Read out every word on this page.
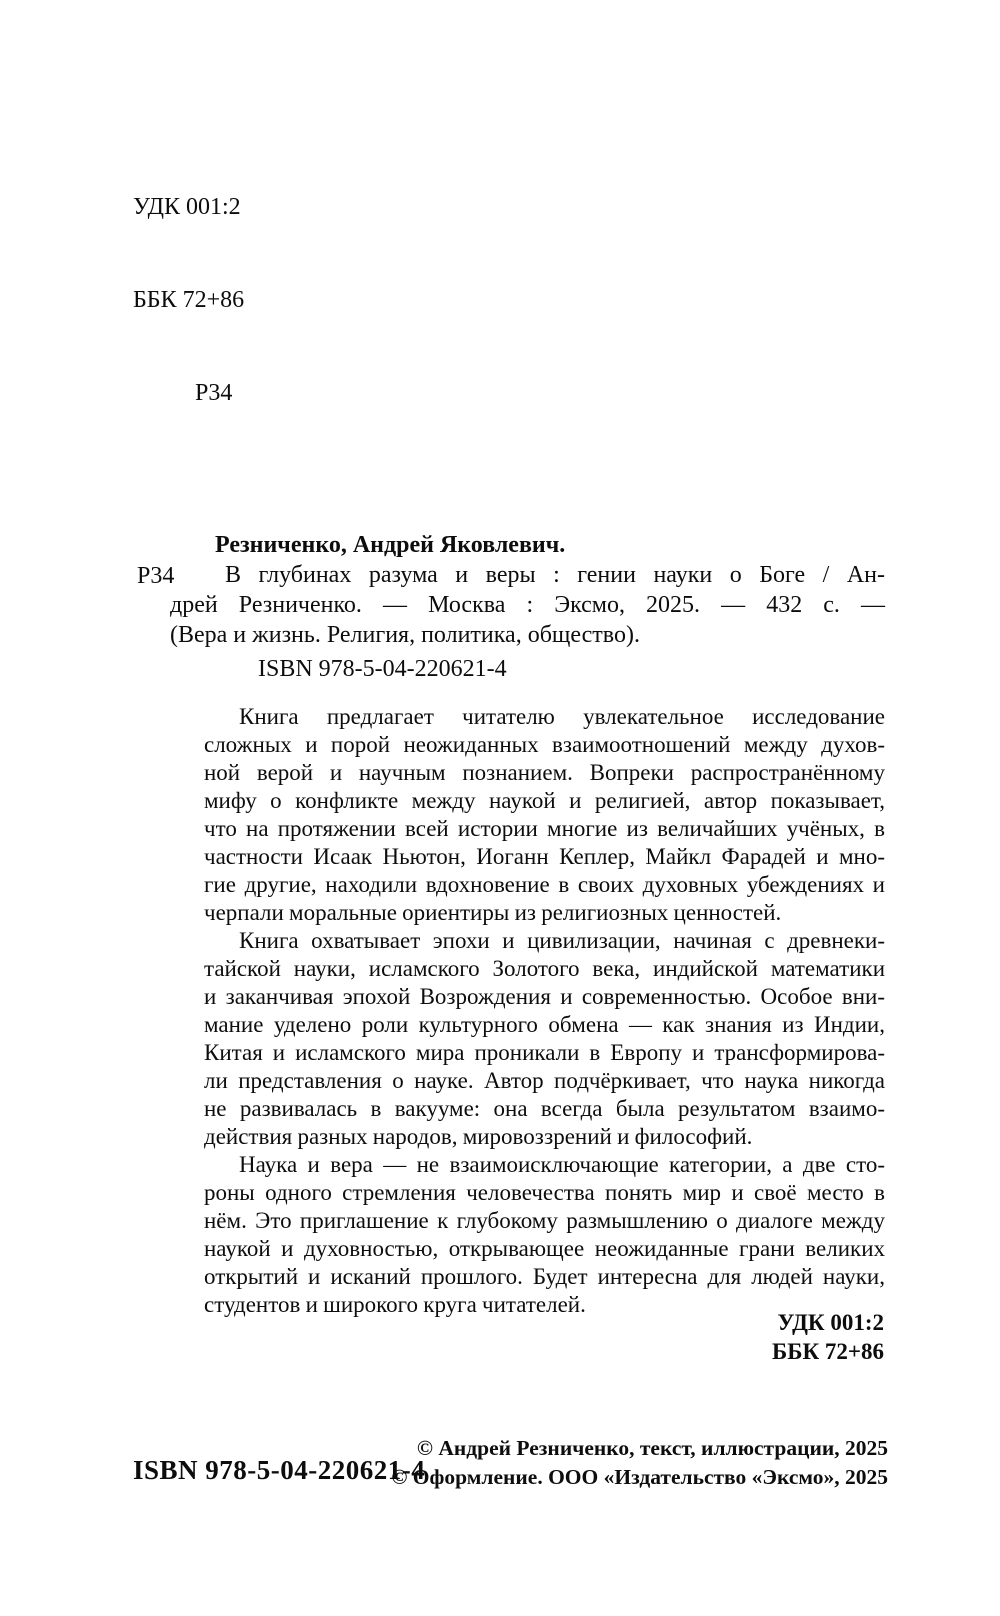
УДК 001:2

ББК 72+86

Р34

Р34
Резниченко, Андрей Яковлевич.
В глубинах разума и веры : гении науки о Боге / Ан-
дрей Резниченко. — Москва : Эксмо, 2025. — 432 с. —
(Вера и жизнь. Религия, политика, общество).
ISBN 978-5-04-220621-4
Книга предлагает читателю увлекательное исследование
сложных и порой неожиданных взаимоотношений между духов-
ной верой и научным познанием. Вопреки распространённому
мифу о конфликте между наукой и религией, автор показывает,
что на протяжении всей истории многие из величайших учёных, в
частности Исаак Ньютон, Иоганн Кеплер, Майкл Фарадей и мно-
гие другие, находили вдохновение в своих духовных убеждениях и
черпали моральные ориентиры из религиозных ценностей.
Книга охватывает эпохи и цивилизации, начиная с древнеки-
тайской науки, исламского Золотого века, индийской математики
и заканчивая эпохой Возрождения и современностью. Особое вни-
мание уделено роли культурного обмена — как знания из Индии,
Китая и исламского мира проникали в Европу и трансформирова-
ли представления о науке. Автор подчёркивает, что наука никогда
не развивалась в вакууме: она всегда была результатом взаимо-
действия разных народов, мировоззрений и философий.
Наука и вера — не взаимоисключающие категории, а две сто-
роны одного стремления человечества понять мир и своё место в
нём. Это приглашение к глубокому размышлению о диалоге между
наукой и духовностью, открывающее неожиданные грани великих
открытий и исканий прошлого. Будет интересна для людей науки,
студентов и широкого круга читателей.
УДК 001:2
ББК 72+86
ISBN 978-5-04-220621-4
© Андрей Резниченко, текст, иллюстрации, 2025
© Оформление. ООО «Издательство «Эксмо», 2025
